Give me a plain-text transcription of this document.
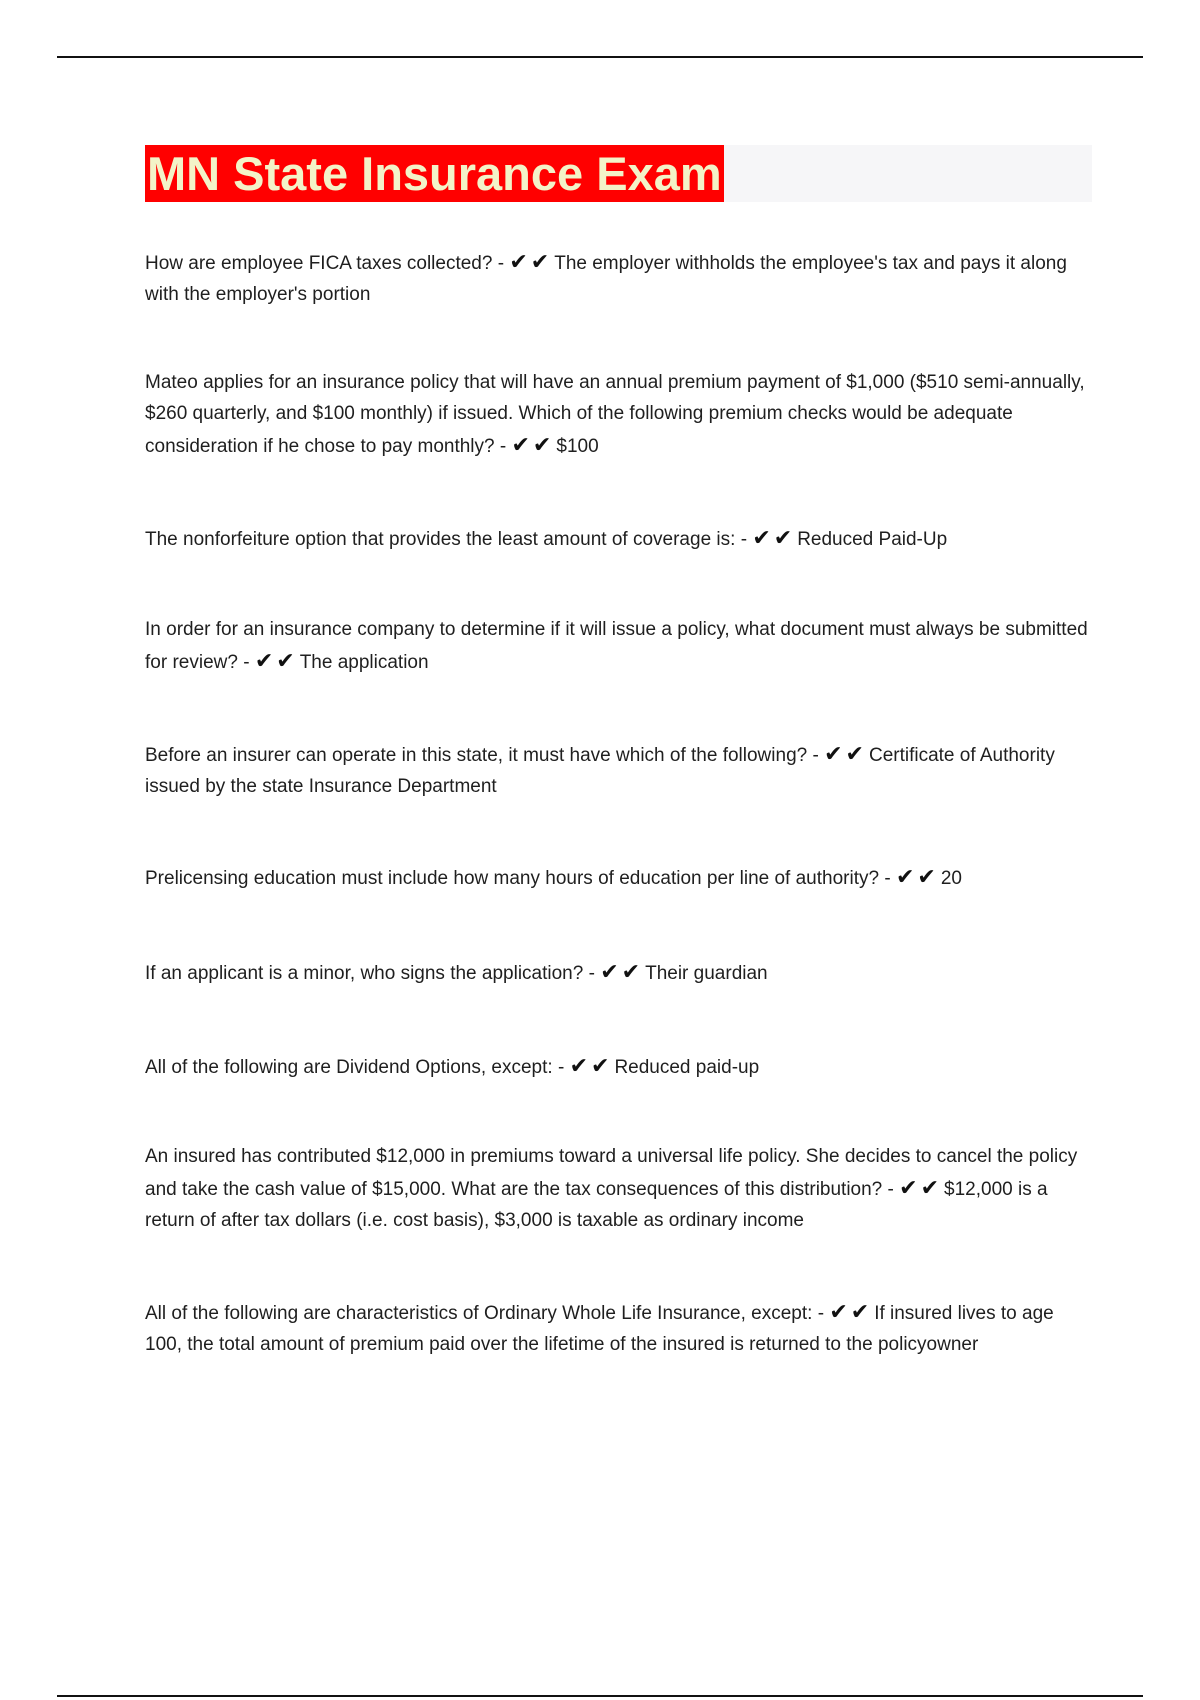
MN State Insurance Exam
How are employee FICA taxes collected? - ✔✔ The employer withholds the employee's tax and pays it along with the employer's portion
Mateo applies for an insurance policy that will have an annual premium payment of $1,000 ($510 semi-annually, $260 quarterly, and $100 monthly) if issued. Which of the following premium checks would be adequate consideration if he chose to pay monthly? - ✔✔ $100
The nonforfeiture option that provides the least amount of coverage is: - ✔✔ Reduced Paid-Up
In order for an insurance company to determine if it will issue a policy, what document must always be submitted for review? - ✔✔ The application
Before an insurer can operate in this state, it must have which of the following? - ✔✔ Certificate of Authority issued by the state Insurance Department
Prelicensing education must include how many hours of education per line of authority? - ✔✔ 20
If an applicant is a minor, who signs the application? - ✔✔ Their guardian
All of the following are Dividend Options, except: - ✔✔ Reduced paid-up
An insured has contributed $12,000 in premiums toward a universal life policy. She decides to cancel the policy and take the cash value of $15,000. What are the tax consequences of this distribution? - ✔✔ $12,000 is a return of after tax dollars (i.e. cost basis), $3,000 is taxable as ordinary income
All of the following are characteristics of Ordinary Whole Life Insurance, except: - ✔✔ If insured lives to age 100, the total amount of premium paid over the lifetime of the insured is returned to the policyowner
